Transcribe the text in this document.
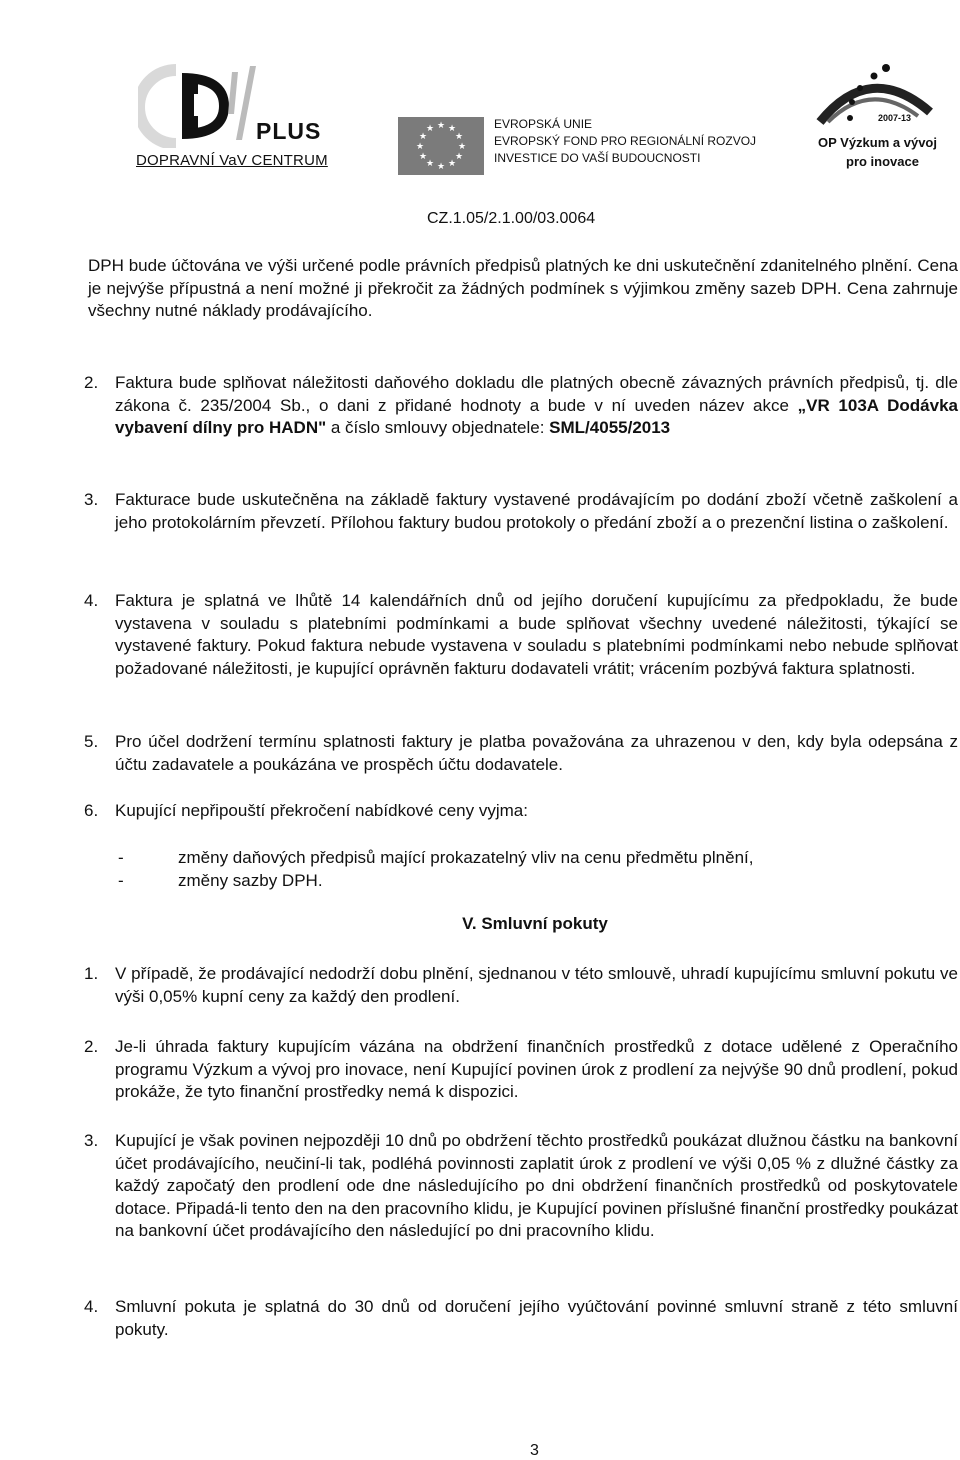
PLUS
DOPRAVNÍ VaV CENTRUM
★ ★
★
★
★
★
★
★
★
★
★
★	EVROPSKÁ UNIE
EVROPSKÝ FOND PRO REGIONÁLNÍ ROZVOJ
INVESTICE DO VAŠÍ BUDOUCNOSTI
2007-13
OP Výzkum a vývoj
pro inovace
CZ.1.05/2.1.00/03.0064
DPH bude účtována ve výši určené podle právních předpisů platných ke dni uskutečnění zdanitelného plnění. Cena je nejvýše přípustná a není možné ji překročit za žádných podmínek s výjimkou změny sazeb DPH. Cena zahrnuje všechny nutné náklady prodávajícího.
2. Faktura bude splňovat náležitosti daňového dokladu dle platných obecně závazných právních předpisů, tj. dle zákona č. 235/2004 Sb., o dani z přidané hodnoty a bude v ní uveden název akce „VR 103A Dodávka vybavení dílny pro HADN" a číslo smlouvy objednatele: SML/4055/2013
3. Fakturace bude uskutečněna na základě faktury vystavené prodávajícím po dodání zboží včetně zaškolení a jeho protokolárním převzetí. Přílohou faktury budou protokoly o předání zboží a o prezenční listina o zaškolení.
4. Faktura je splatná ve lhůtě 14 kalendářních dnů od jejího doručení kupujícímu za předpokladu, že bude vystavena v souladu s platebními podmínkami a bude splňovat všechny uvedené náležitosti, týkající se vystavené faktury. Pokud faktura nebude vystavena v souladu s platebními podmínkami nebo nebude splňovat požadované náležitosti, je kupující oprávněn fakturu dodavateli vrátit; vrácením pozbývá faktura splatnosti.
5. Pro účel dodržení termínu splatnosti faktury je platba považována za uhrazenou v den, kdy byla odepsána z účtu zadavatele a poukázána ve prospěch účtu dodavatele.
6. Kupující nepřipouští překročení nabídkové ceny vyjma:
-	změny daňových předpisů mající prokazatelný vliv na cenu předmětu plnění,
-	změny sazby DPH.
V. Smluvní pokuty
1. V případě, že prodávající nedodrží dobu plnění, sjednanou v této smlouvě, uhradí kupujícímu smluvní pokutu ve výši 0,05% kupní ceny za každý den prodlení.
2. Je-li úhrada faktury kupujícím vázána na obdržení finančních prostředků z dotace udělené z Operačního programu Výzkum a vývoj pro inovace, není Kupující povinen úrok z prodlení za nejvýše 90 dnů prodlení, pokud prokáže, že tyto finanční prostředky nemá k dispozici.
3. Kupující je však povinen nejpozději 10 dnů po obdržení těchto prostředků poukázat dlužnou částku na bankovní účet prodávajícího, neučiní-li tak, podléhá povinnosti zaplatit úrok z prodlení ve výši 0,05 % z dlužné částky za každý započatý den prodlení ode dne následujícího po dni obdržení finančních prostředků od poskytovatele dotace. Připadá-li tento den na den pracovního klidu, je Kupující povinen příslušné finanční prostředky poukázat na bankovní účet prodávajícího den následující po dni pracovního klidu.
4. Smluvní pokuta je splatná do 30 dnů od doručení jejího vyúčtování povinné smluvní straně z této smluvní pokuty.
3
